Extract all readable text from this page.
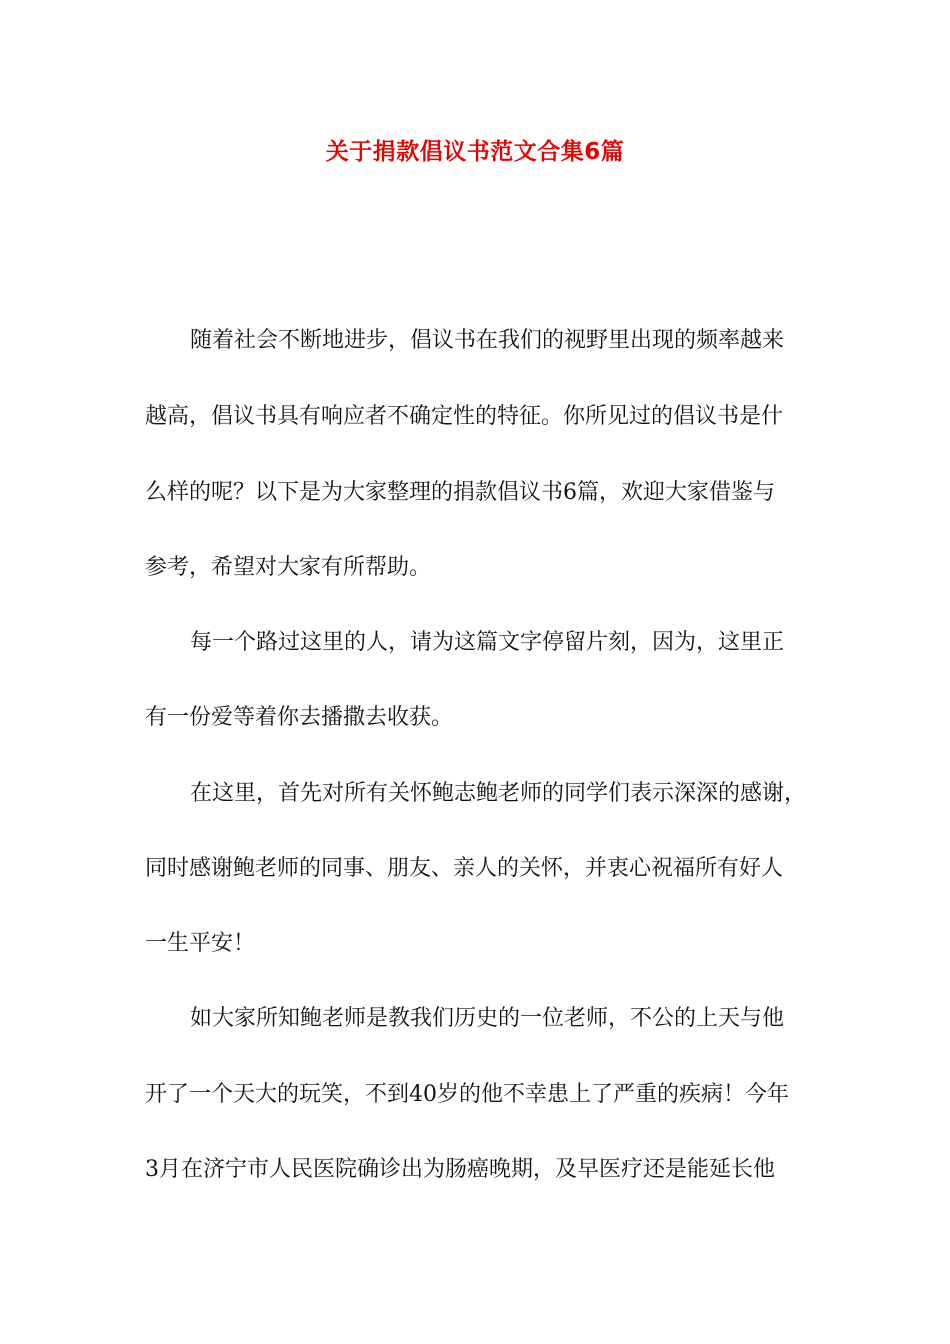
关于捐款倡议书范文合集6篇
随着社会不断地进步，倡议书在我们的视野里出现的频率越来
越高，倡议书具有响应者不确定性的特征。你所见过的倡议书是什
么样的呢？以下是为大家整理的捐款倡议书6篇，欢迎大家借鉴与
参考，希望对大家有所帮助。
每一个路过这里的人，请为这篇文字停留片刻，因为，这里正
有一份爱等着你去播撒去收获。
在这里，首先对所有关怀鲍志鲍老师的同学们表示深深的感谢，
同时感谢鲍老师的同事、朋友、亲人的关怀，并衷心祝福所有好人
一生平安！
如大家所知鲍老师是教我们历史的一位老师，不公的上天与他
开了一个天大的玩笑，不到40岁的他不幸患上了严重的疾病！今年
3月在济宁市人民医院确诊出为肠癌晚期，及早医疗还是能延长他
